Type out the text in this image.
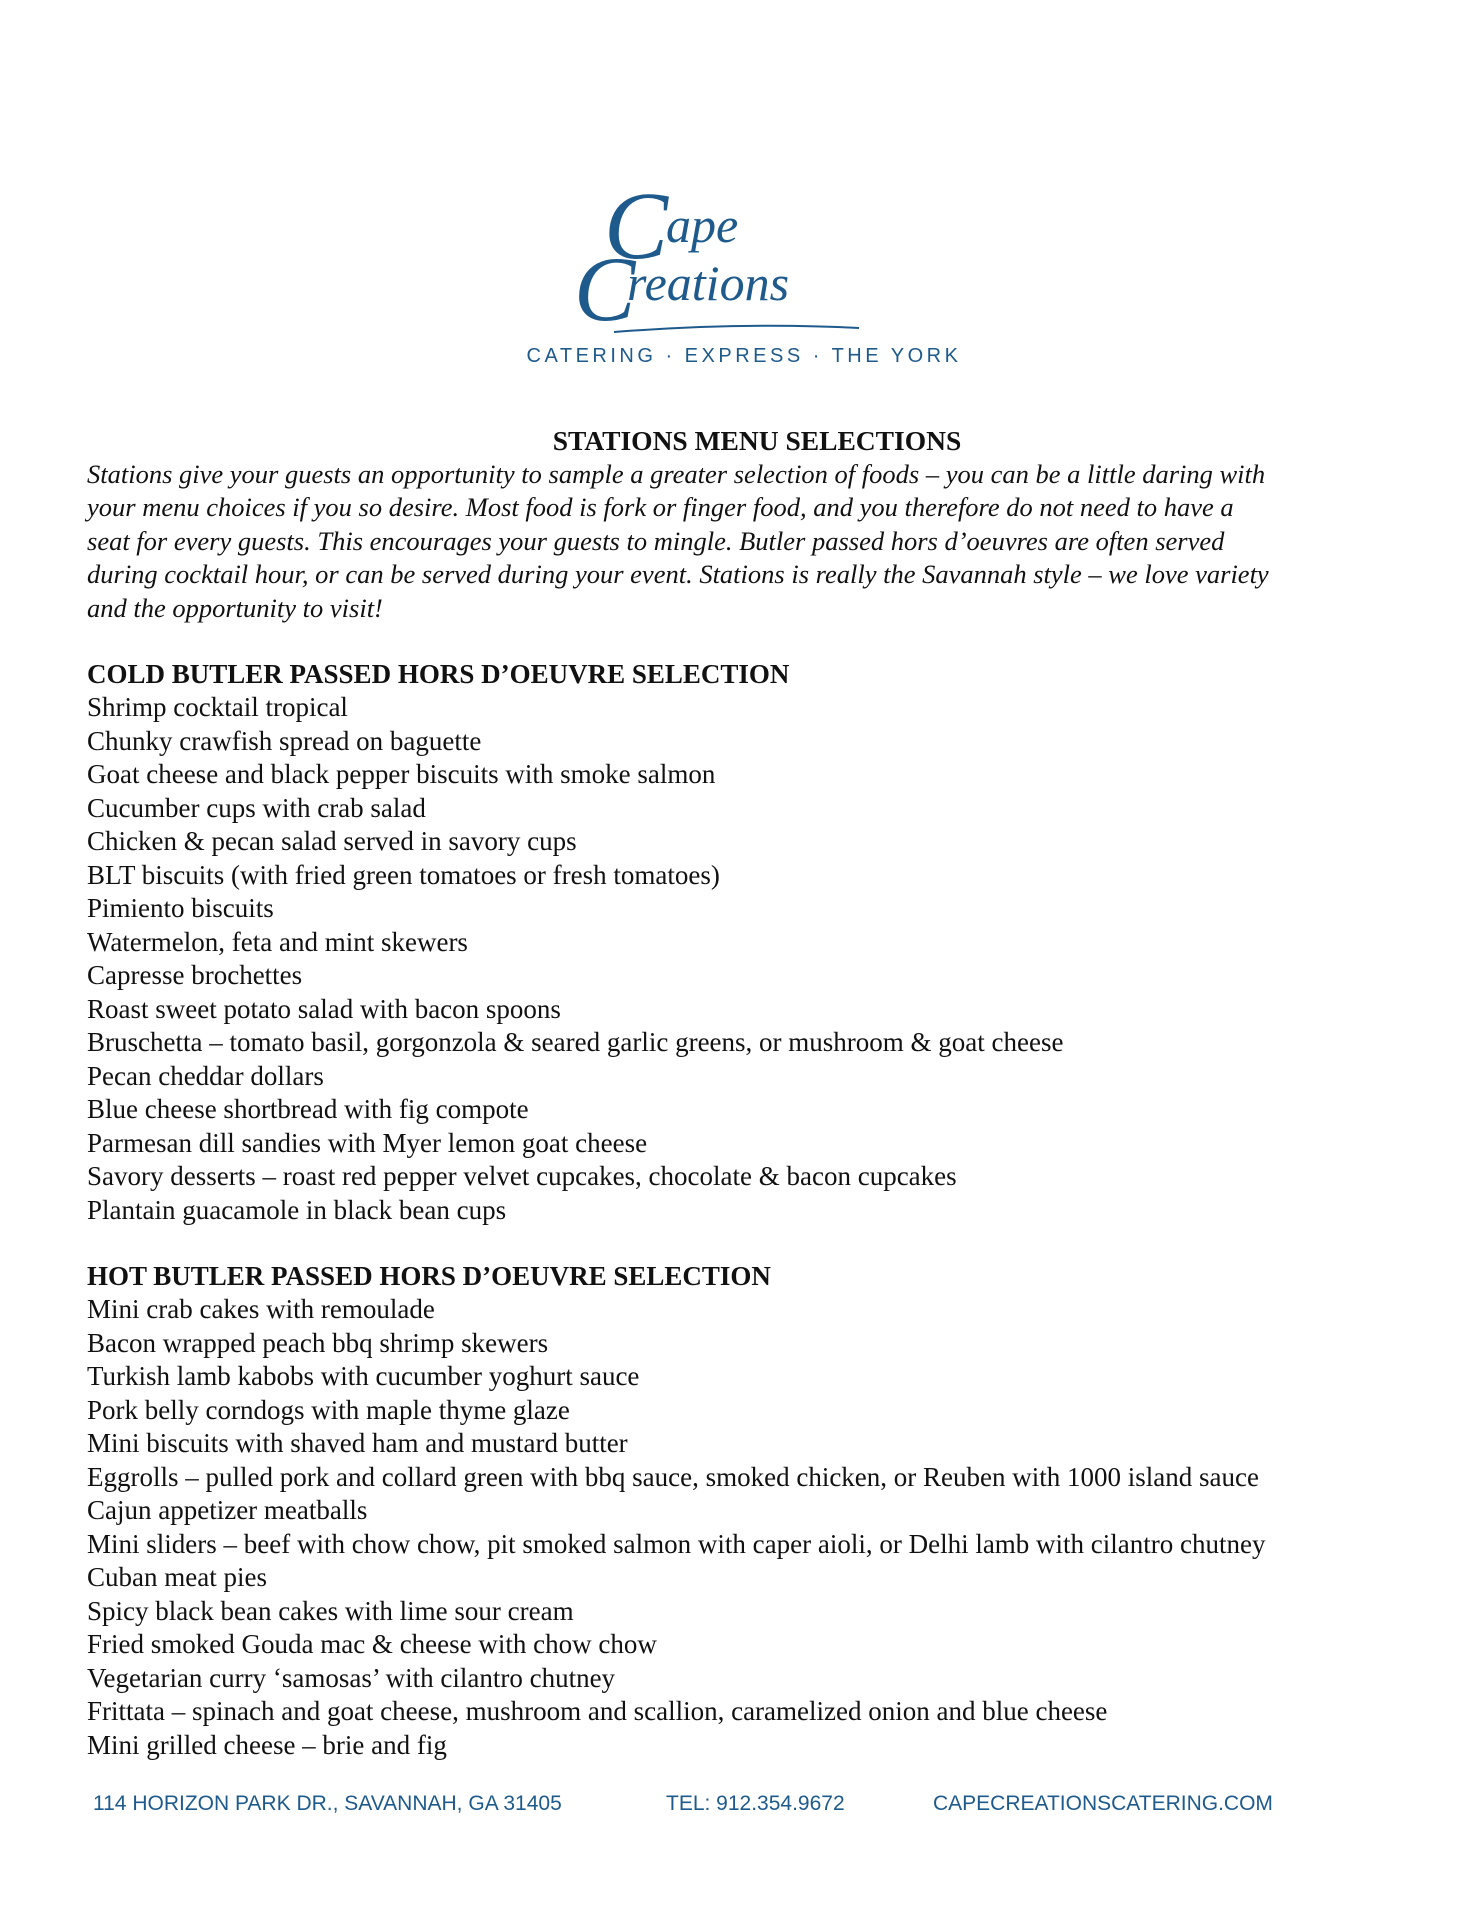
C
ape
C
reations
CATERING · EXPRESS · THE YORK
STATIONS MENU SELECTIONS
Stations give your guests an opportunity to sample a greater selection of foods – you can be a little daring with
your menu choices if you so desire. Most food is fork or finger food, and you therefore do not need to have a
seat for every guests. This encourages your guests to mingle. Butler passed hors d’oeuvres are often served
during cocktail hour, or can be served during your event. Stations is really the Savannah style – we love variety
and the opportunity to visit!
COLD BUTLER PASSED HORS D’OEUVRE SELECTION
Shrimp cocktail tropical
Chunky crawfish spread on baguette
Goat cheese and black pepper biscuits with smoke salmon
Cucumber cups with crab salad
Chicken & pecan salad served in savory cups
BLT biscuits (with fried green tomatoes or fresh tomatoes)
Pimiento biscuits
Watermelon, feta and mint skewers
Capresse brochettes
Roast sweet potato salad with bacon spoons
Bruschetta – tomato basil, gorgonzola & seared garlic greens, or mushroom & goat cheese
Pecan cheddar dollars
Blue cheese shortbread with fig compote
Parmesan dill sandies with Myer lemon goat cheese
Savory desserts – roast red pepper velvet cupcakes, chocolate & bacon cupcakes
Plantain guacamole in black bean cups
HOT BUTLER PASSED HORS D’OEUVRE SELECTION
Mini crab cakes with remoulade
Bacon wrapped peach bbq shrimp skewers
Turkish lamb kabobs with cucumber yoghurt sauce
Pork belly corndogs with maple thyme glaze
Mini biscuits with shaved ham and mustard butter
Eggrolls – pulled pork and collard green with bbq sauce, smoked chicken, or Reuben with 1000 island sauce
Cajun appetizer meatballs
Mini sliders – beef with chow chow, pit smoked salmon with caper aioli, or Delhi lamb with cilantro chutney
Cuban meat pies
Spicy black bean cakes with lime sour cream
Fried smoked Gouda mac & cheese with chow chow
Vegetarian curry ‘samosas’ with cilantro chutney
Frittata – spinach and goat cheese, mushroom and scallion, caramelized onion and blue cheese
Mini grilled cheese – brie and fig
114 HORIZON PARK DR., SAVANNAH, GA 31405	TEL: 912.354.9672	CAPECREATIONSCATERING.COM
